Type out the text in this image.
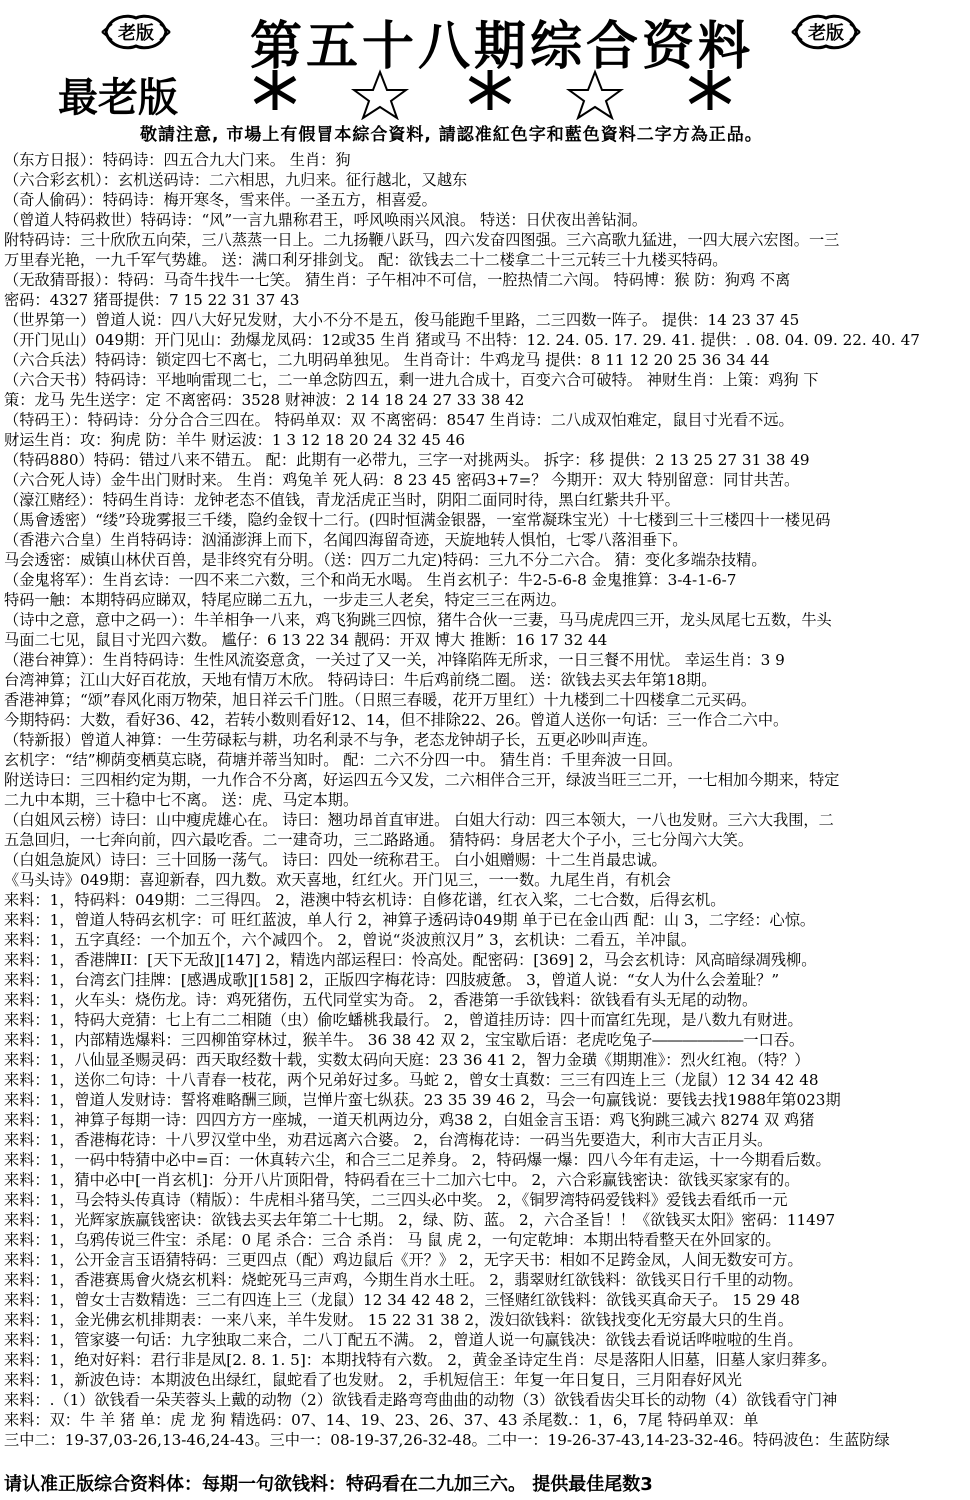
老版 第五十八期综合资料	老版
最老版
敬請注意, 市場上有假冒本綜合資料, 請認准紅色字和藍色資料二字方為正品。
（东方日报）：特码诗：四五合九大门来。 生肖：狗
（六合彩玄机）：玄机送码诗：二六相思，九归来。征行越北，又越东
（奇人偷码）：特码诗：梅开寒冬，雪来伴。一圣五方，相喜爱。
（曾道人特码救世）特码诗：“风”一言九鼎称君王，呼风唤雨兴风浪。 特送：日伏夜出善钻洞。
附特码诗：三十欣欣五向荣，三八蒸蒸一日上。二九扬鞭八跃马，四六发奋四图强。三六高歌九猛进，一四大展六宏图。一三
万里春光艳，一九千军气势雄。 送：满口利牙排剑戈。 配：欲钱去二十二楼拿二十三元转三十九楼买特码。
（无敌猜哥报）：特码：马奇牛找牛一七笑。 猜生肖：子午相冲不可信，一腔热情二六闯。 特码博：猴 防：狗鸡 不离
密码：4327 猪哥提供：7 15 22 31 37 43
（世界第一）曾道人说：四八大好兄发财，大小不分不是五，俊马能跑千里路，二三四数一阵子。 提供：14 23 37 45
（开门见山）049期：开门见山：劲爆龙凤码：12或35 生肖 猪或马 不出特：12. 24. 05. 17. 29. 41. 提供：. 08. 04. 09. 22. 40. 47
（六合兵法）特码诗：锁定四七不离七，二九明码单独见。 生肖奇计：牛鸡龙马 提供：8 11 12 20 25 36 34 44
（六合天书）特码诗：平地响雷现二七，二一单念防四五，剩一进九合成十，百变六合可破特。 神财生肖：上策：鸡狗 下
策：龙马 先生送字：定 不离密码：3528 财神波：2 14 18 24 27 33 38 42
（特码王）：特码诗：分分合合三四在。 特码单双：双 不离密码：8547 生肖诗：二八成双怕难定，鼠目寸光看不远。
财运生肖：攻：狗虎 防：羊牛 财运波：1 3 12 18 20 24 32 45 46
（特码880）特码：错过八来不错五。 配：此期有一必带九，三字一对挑两头。 拆字：移 提供：2 13 25 27 31 38 49
（六合死人诗）金牛出门财时来。 生肖：鸡兔羊 死人码：8 23 45 密码3+7=？ 今期开：双大 特别留意：同甘共苦。
（濠江赌经）：特码生肖诗：龙钟老态不值钱，青龙活虎正当时，阴阳二面同时待，黑白红紫共升平。
（馬會透密）“缕”玲珑雾报三千缕，隐约金钗十二行。(四时恒满金银器，一室常凝珠宝光）十七楼到三十三楼四十一楼见码
（香港六合皇）生肖特码诗：汹涌澎湃上而下，名闻四海留奇迹，天旋地转人惧怕，七零八落泪垂下。
马会透密：威镇山林伏百兽，是非终究有分明。（送：四万二九定)特码：三九不分二六合。 猜：变化多端杂技精。
（金鬼将军）：生肖玄诗：一四不来二六数，三个和尚无水喝。 生肖玄机子：牛2-5-6-8 金鬼推算：3-4-1-6-7
特码一触：本期特码应睇双，特尾应睇二五九，一步走三人老矣，特定三三在两边。
（诗中之意，意中之码一）：牛羊相争一八来，鸡飞狗跳三四惊，猪牛合伙一三妻，马马虎虎四三开，龙头凤尾七五数，牛头
马面二七见，鼠目寸光四六数。 尴仔：6 13 22 34 靓码：开双 博大 推断：16 17 32 44
（港台神算）：生肖特码诗：生性风流姿意贪，一关过了又一关，冲锋陷阵无所求，一日三餐不用忧。 幸运生肖：3 9
台湾神算；江山大好百花放，天地有情万木欣。 特码诗曰：牛后鸡前绕二圈。 送：欲钱去买去年第18期。
香港神算；“颂”春风化雨万物荣，旭日祥云千门胜。（日照三春暖，花开万里红）十九楼到二十四楼拿二元买码。
今期特码：大数，看好36、42，若转小数则看好12、14，但不排除22、26。曾道人送你一句话：三一作合二六中。
（特新报）曾道人神算：一生劳碌耘与耕，功名利录不与争，老态龙钟胡子长，五更必吵叫声连。
玄机字：“结”柳荫变栖莫忘晓，荷塘并蒂当知时。 配：二六不分四一中。 猜生肖：千里奔波一日回。
附送诗曰：三四相约定为期，一九作合不分离，好运四五今又发，二六相伴合三开，绿波当旺三二开，一七相加今期来，特定
二九中本期，三十稳中七不离。 送：虎、马定本期。
（白姐风云榜）诗曰：山中瘦虎雄心在。 诗曰：翘功昂首直审进。 白姐大行动：四三本领大，一八也发财。三六大我围，二
五急回归，一七奔向前，四六最吃香。二一建奇功，三二路路通。 猜特码：身居老大个子小，三七分闯六大笑。
（白姐急旋风）诗曰：三十回肠一荡气。 诗曰：四处一统称君王。 白小姐赠赐：十二生肖最忠诚。
《马头诗》049期：喜迎新春，四九数。欢天喜地，红红火。开门见三，一一数。九尾生肖，有机会
来料：1，特码料：049期：二三得四。 2，港澳中特玄机诗：自修花谱，红衣入桨，二七合数，后得玄机。
来料：1，曾道人特码玄机字：可 旺红蓝波，单人行 2，神算子透码诗049期 单于已在金山西 配：山 3，二字经：心惊。
来料：1，五字真经：一个加五个，六个减四个。 2，曾说“炎波煎汉月” 3，玄机诀：二看五，羊冲鼠。
来料：1，香港牌II：[天下无敌][147] 2，精选内部运程曰：怜高处。配密码：[369] 2，马会玄机诗：风高暗绿凋残柳。
来料：1，台湾玄门挂牌：[感遇成歌][158] 2，正版四字梅花诗：四肢疲惫。 3，曾道人说：“女人为什么会羞耻？”
来料：1，火车头：烧伤龙。诗：鸡死猪伤，五代同堂实为奇。 2，香港第一手欲钱料：欲钱看有头无尾的动物。
来料：1，特码大竞猜：七上有二二相随（虫）偷吃蟠桃我最行。 2，曾道挂历诗：四十而富红先现，是八数九有财进。
来料：1，内部精选爆料：三四柳笛穿林过，猴羊牛。 36 38 42 双 2，宝宝歇后语：老虎吃兔子――――――一口吞。
来料：1，八仙显圣赐灵码：西天取经数十载，实数太码向天庭：23 36 41 2，智力金璜《期期准》：烈火红袍。（特？）
来料：1，送你二句诗：十八青春一枝花，两个兄弟好过多。马蛇 2，曾女士真数：三三有四连上三（龙鼠）12 34 42 48
来料：1，曾道人发财诗：誓将难略酬三顾，岂惮片蛮七纵获。23 35 39 46 2，马会一句赢钱说：要钱去找1988年第023期
来料：1，神算子每期一诗：四四方方一座城，一道天机两边分，鸡38 2，白姐金言玉语：鸡飞狗跳三减六 8274 双 鸡猪
来料：1，香港梅花诗：十八罗汉堂中坐，劝君远离六合婆。 2，台湾梅花诗：一码当先要造大，利市大吉正月头。
来料：1，一码中特猜中必中=百：一休真转六尘，和合三二足养身。 2，特码爆一爆：四八今年有走运，十一今期看后数。
来料：1，猜中必中[一肖玄机]：分开八片顶阳骨，特码看在三十二加六七中。 2，六合彩赢钱密诀：欲钱买家家有的。
来料：1，马会特头传真诗（精版）：牛虎相斗猪马笑，二三四头必中奖。 2，《铜罗湾特码爱钱料》爱钱去看纸币一元
来料：1，光辉家族赢钱密诀：欲钱去买去年第二十七期。 2，绿、防、蓝。 2，六合圣旨！！《欲钱买太阳》密码：11497
来料：1，乌鸦传说三件宝：杀尾：0 尾 杀合：三合 杀肖： 马 鼠 虎 2，一句定乾坤：本期出特看整天在外回家的。
来料：1，公开金言玉语猜特码：三更四点（配）鸡边鼠后《开？》 2，无字天书：相如不足跨金凤，人间无数安可方。
来料：1，香港赛馬會火烧玄机料：烧蛇死马三声鸡，今期生肖水土旺。 2，翡翠财红欲钱料：欲钱买日行千里的动物。
来料：1，曾女士吉数精选：三二有四连上三（龙鼠）12 34 42 48 2，三怪赌红欲钱料：欲钱买真命天子。 15 29 48
来料：1，金光佛玄机排期表：一来八来，羊牛发财。 15 22 31 38 2，泼妇欲钱料：欲钱找变化无穷最大只的生肖。
来料：1，管家婆一句话：九字独取二来合，二八丁配五不满。 2，曾道人说一句赢钱决：欲钱去看说话哗啦啦的生肖。
来料：1，绝对好料：君行非是凤[2. 8. 1. 5]：本期找特有六数。 2，黄金圣诗定生肖：尽是落阳人旧墓，旧墓人家归葬多。
来料：1，新波色诗：本期波色出绿红，鼠蛇看了也发财。 2，手机短信王：年复一年日复日，三月阳春好风光
来料：.（1）欲钱看一朵芙蓉头上戴的动物（2）欲钱看走路弯弯曲曲的动物（3）欲钱看齿尖耳长的动物（4）欲钱看守门神
来料：双：牛 羊 猪 单：虎 龙 狗 精选码：07、14、19、23、26、37、43 杀尾数.：1，6，7尾 特码单双：单
三中二：19-37,03-26,13-46,24-43。三中一：08-19-37,26-32-48。二中一：19-26-37-43,14-23-32-46。特码波色：生蓝防绿
请认准正版综合资料体：每期一句欲钱料：特码看在二九加三六。 提供最佳尾数3
